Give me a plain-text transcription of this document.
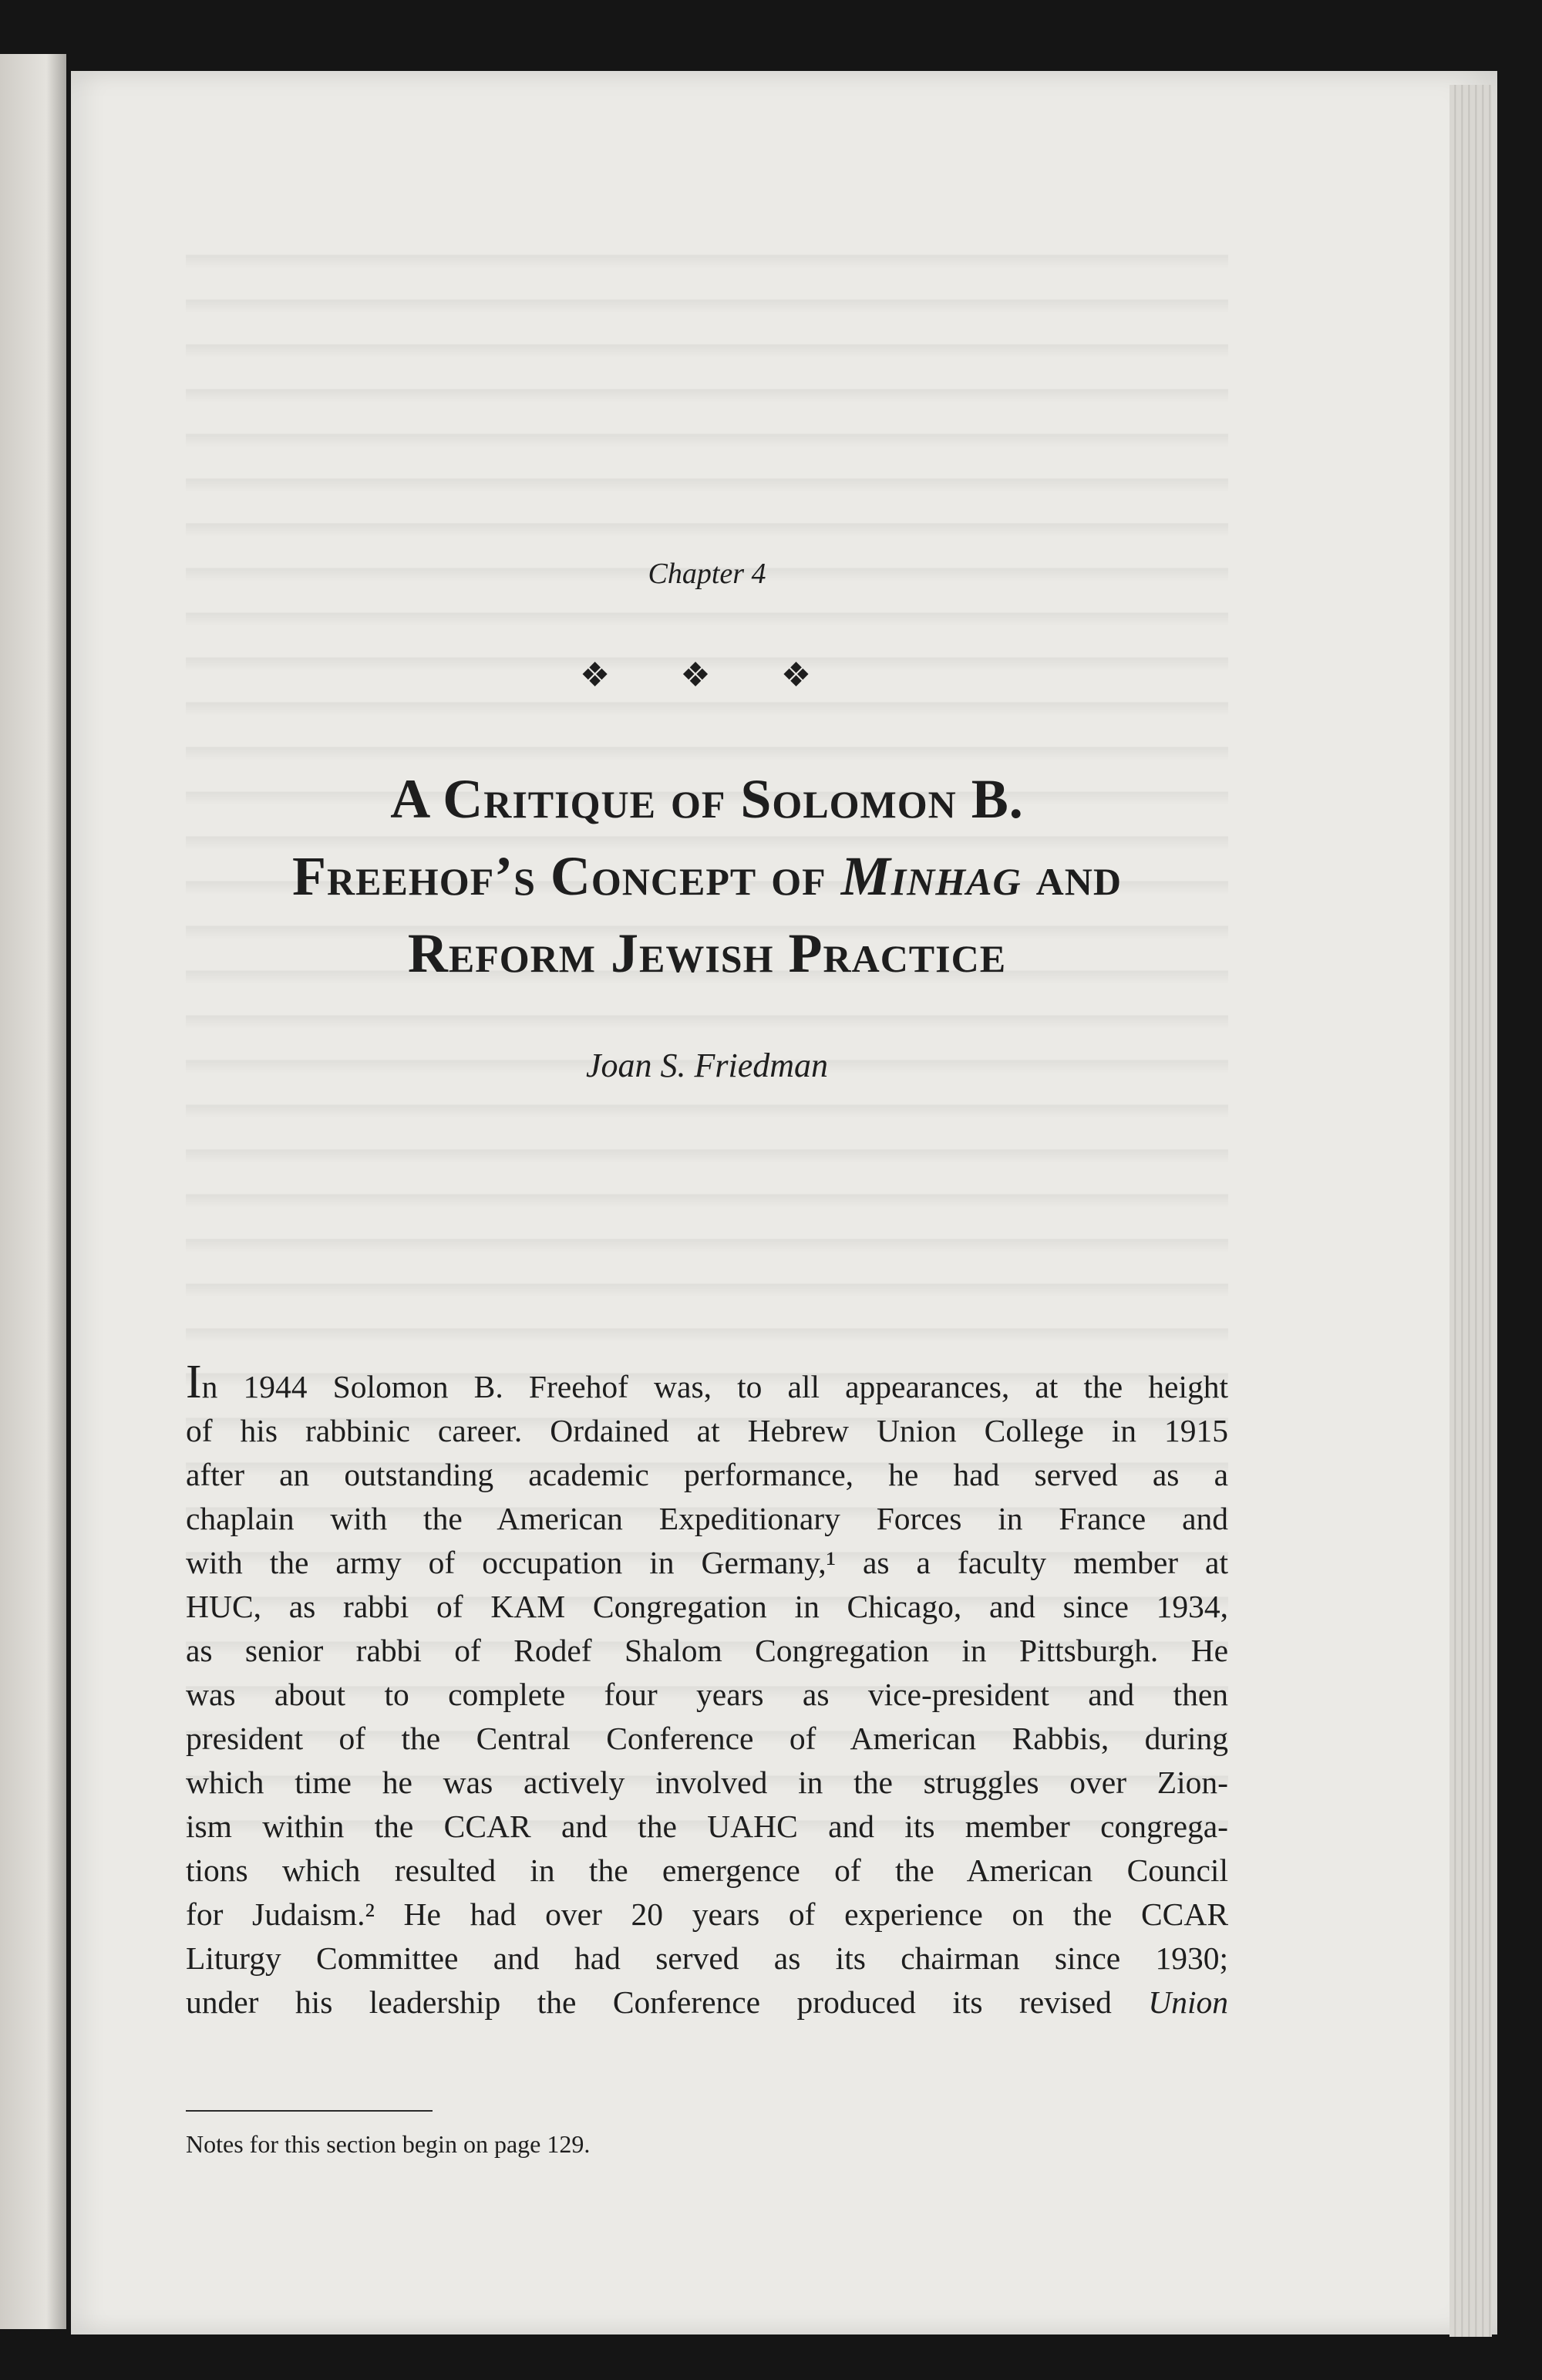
Chapter 4
❖ ❖ ❖
A Critique of Solomon B.
Freehof’s Concept of Minhag and
Reform Jewish Practice
Joan S. Friedman
In 1944 Solomon B. Freehof was, to all appearances, at the height
of his rabbinic career. Ordained at Hebrew Union College in 1915
after an outstanding academic performance, he had served as a
chaplain with the American Expeditionary Forces in France and
with the army of occupation in Germany,¹ as a faculty member at
HUC, as rabbi of KAM Congregation in Chicago, and since 1934,
as senior rabbi of Rodef Shalom Congregation in Pittsburgh. He
was about to complete four years as vice-president and then
president of the Central Conference of American Rabbis, during
which time he was actively involved in the struggles over Zion-
ism within the CCAR and the UAHC and its member congrega-
tions which resulted in the emergence of the American Council
for Judaism.² He had over 20 years of experience on the CCAR
Liturgy Committee and had served as its chairman since 1930;
under his leadership the Conference produced its revised Union
Notes for this section begin on page 129.
